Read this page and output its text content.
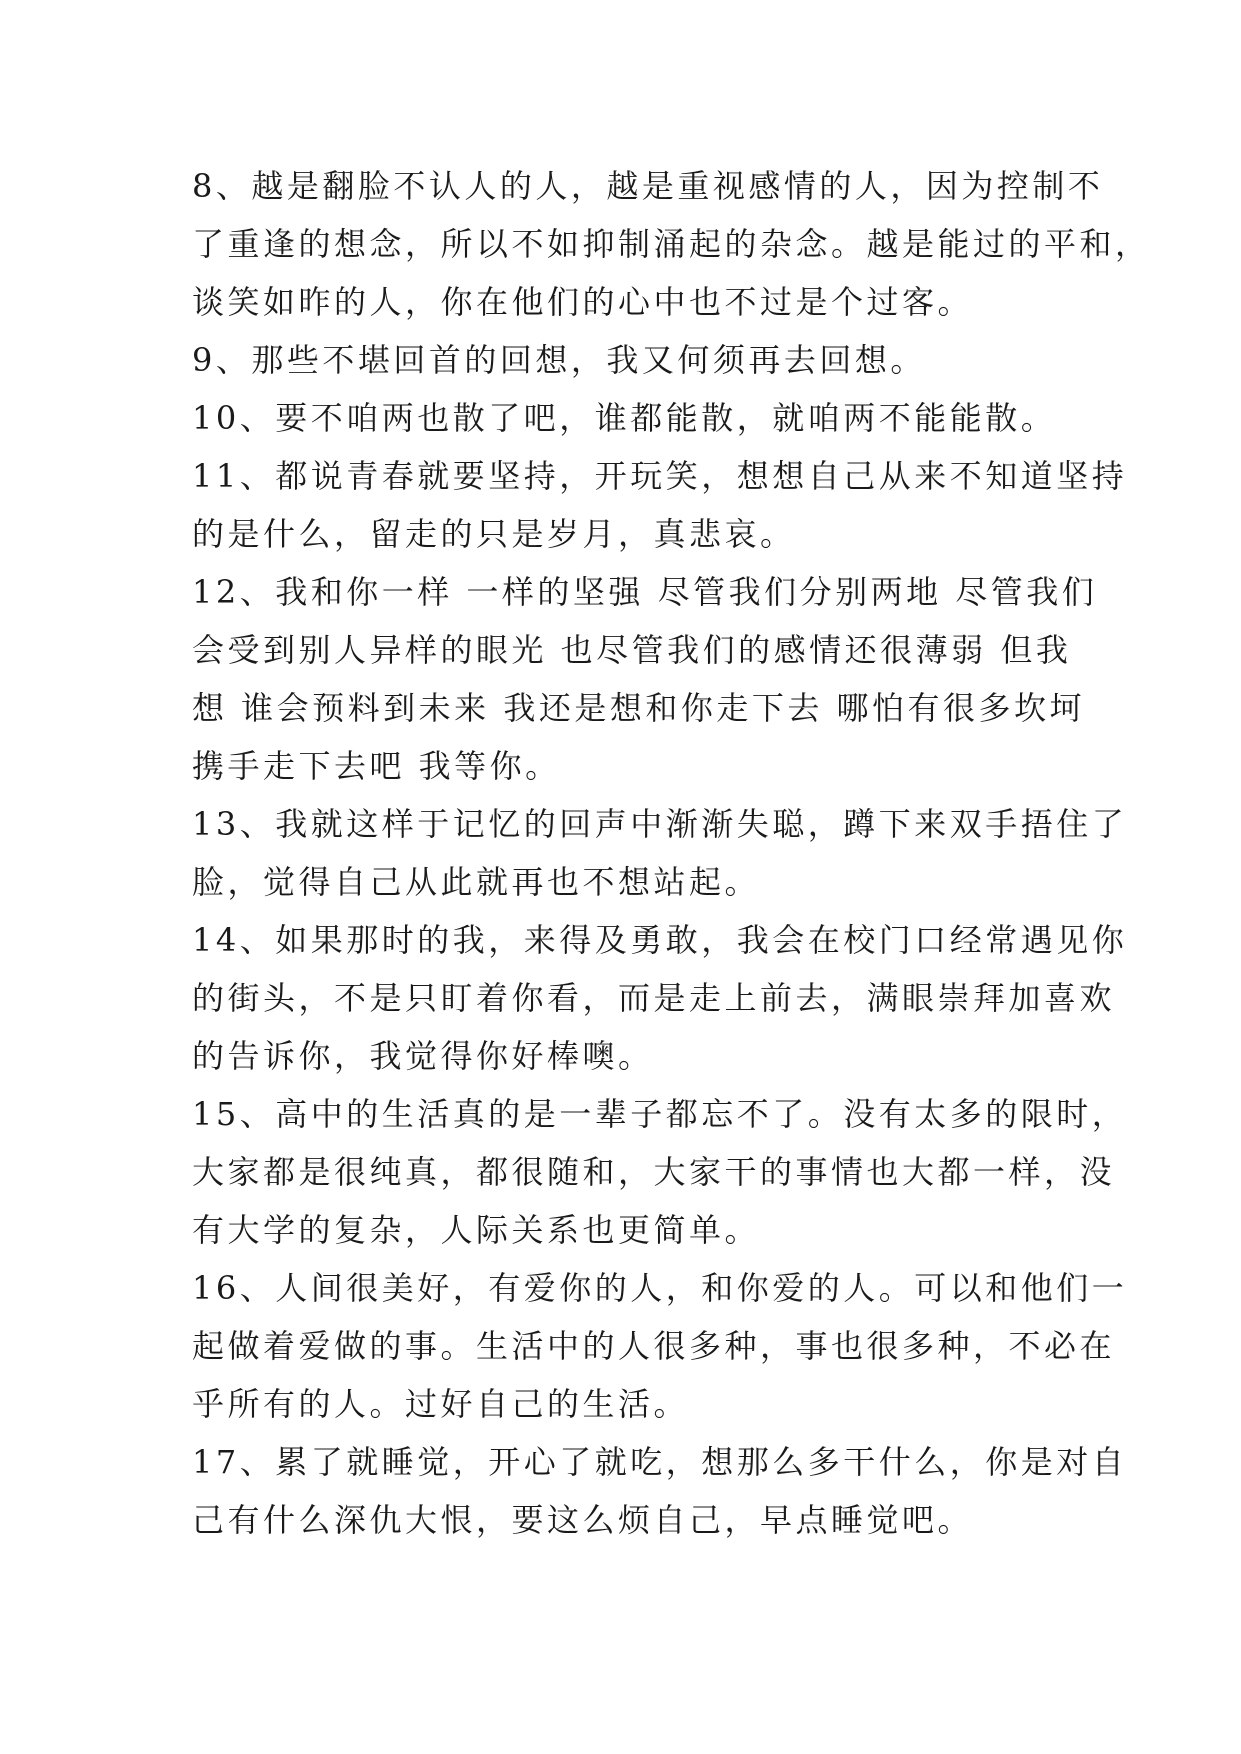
8、越是翻脸不认人的人，越是重视感情的人，因为控制不
了重逢的想念，所以不如抑制涌起的杂念。越是能过的平和，
谈笑如昨的人，你在他们的心中也不过是个过客。
9、那些不堪回首的回想，我又何须再去回想。
10、要不咱两也散了吧，谁都能散，就咱两不能能散。
11、都说青春就要坚持，开玩笑，想想自己从来不知道坚持
的是什么，留走的只是岁月，真悲哀。
12、我和你一样 一样的坚强 尽管我们分别两地 尽管我们
会受到别人异样的眼光 也尽管我们的感情还很薄弱 但我
想 谁会预料到未来 我还是想和你走下去 哪怕有很多坎坷
携手走下去吧 我等你。
13、我就这样于记忆的回声中渐渐失聪，蹲下来双手捂住了
脸，觉得自己从此就再也不想站起。
14、如果那时的我，来得及勇敢，我会在校门口经常遇见你
的街头，不是只盯着你看，而是走上前去，满眼崇拜加喜欢
的告诉你，我觉得你好棒噢。
15、高中的生活真的是一辈子都忘不了。没有太多的限时，
大家都是很纯真，都很随和，大家干的事情也大都一样，没
有大学的复杂，人际关系也更简单。
16、人间很美好，有爱你的人，和你爱的人。可以和他们一
起做着爱做的事。生活中的人很多种，事也很多种，不必在
乎所有的人。过好自己的生活。
17、累了就睡觉，开心了就吃，想那么多干什么，你是对自
己有什么深仇大恨，要这么烦自己，早点睡觉吧。
